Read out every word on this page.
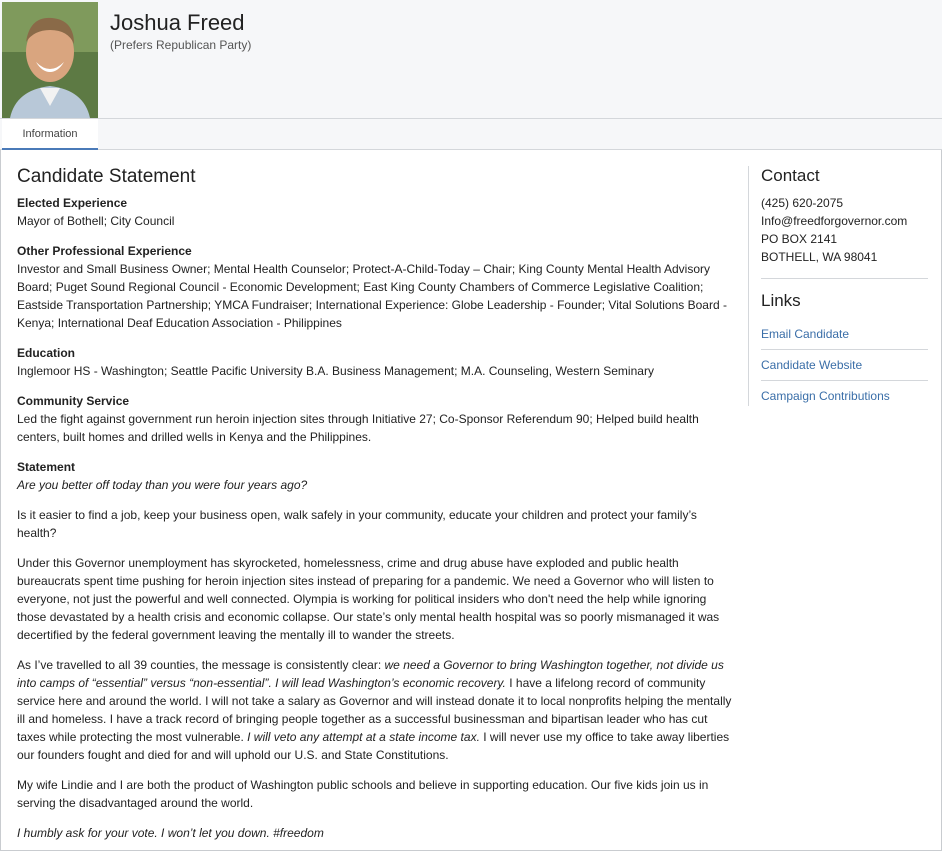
Joshua Freed
(Prefers Republican Party)
Information
Candidate Statement
Elected Experience
Mayor of Bothell; City Council
Other Professional Experience
Investor and Small Business Owner; Mental Health Counselor; Protect-A-Child-Today – Chair; King County Mental Health Advisory Board; Puget Sound Regional Council - Economic Development; East King County Chambers of Commerce Legislative Coalition; Eastside Transportation Partnership; YMCA Fundraiser; International Experience: Globe Leadership - Founder; Vital Solutions Board - Kenya; International Deaf Education Association - Philippines
Education
Inglemoor HS - Washington; Seattle Pacific University B.A. Business Management; M.A. Counseling, Western Seminary
Community Service
Led the fight against government run heroin injection sites through Initiative 27; Co-Sponsor Referendum 90; Helped build health centers, built homes and drilled wells in Kenya and the Philippines.
Statement
Are you better off today than you were four years ago?
Is it easier to find a job, keep your business open, walk safely in your community, educate your children and protect your family’s health?
Under this Governor unemployment has skyrocketed, homelessness, crime and drug abuse have exploded and public health bureaucrats spent time pushing for heroin injection sites instead of preparing for a pandemic. We need a Governor who will listen to everyone, not just the powerful and well connected. Olympia is working for political insiders who don't need the help while ignoring those devastated by a health crisis and economic collapse. Our state’s only mental health hospital was so poorly mismanaged it was decertified by the federal government leaving the mentally ill to wander the streets.
As I’ve travelled to all 39 counties, the message is consistently clear: we need a Governor to bring Washington together, not divide us into camps of “essential” versus “non-essential”. I will lead Washington’s economic recovery. I have a lifelong record of community service here and around the world. I will not take a salary as Governor and will instead donate it to local nonprofits helping the mentally ill and homeless. I have a track record of bringing people together as a successful businessman and bipartisan leader who has cut taxes while protecting the most vulnerable. I will veto any attempt at a state income tax. I will never use my office to take away liberties our founders fought and died for and will uphold our U.S. and State Constitutions.
My wife Lindie and I are both the product of Washington public schools and believe in supporting education. Our five kids join us in serving the disadvantaged around the world.
I humbly ask for your vote. I won’t let you down. #freedom
Contact
(425) 620-2075
Info@freedforgovernor.com
PO BOX 2141
BOTHELL, WA 98041
Links
Email Candidate
Candidate Website
Campaign Contributions
